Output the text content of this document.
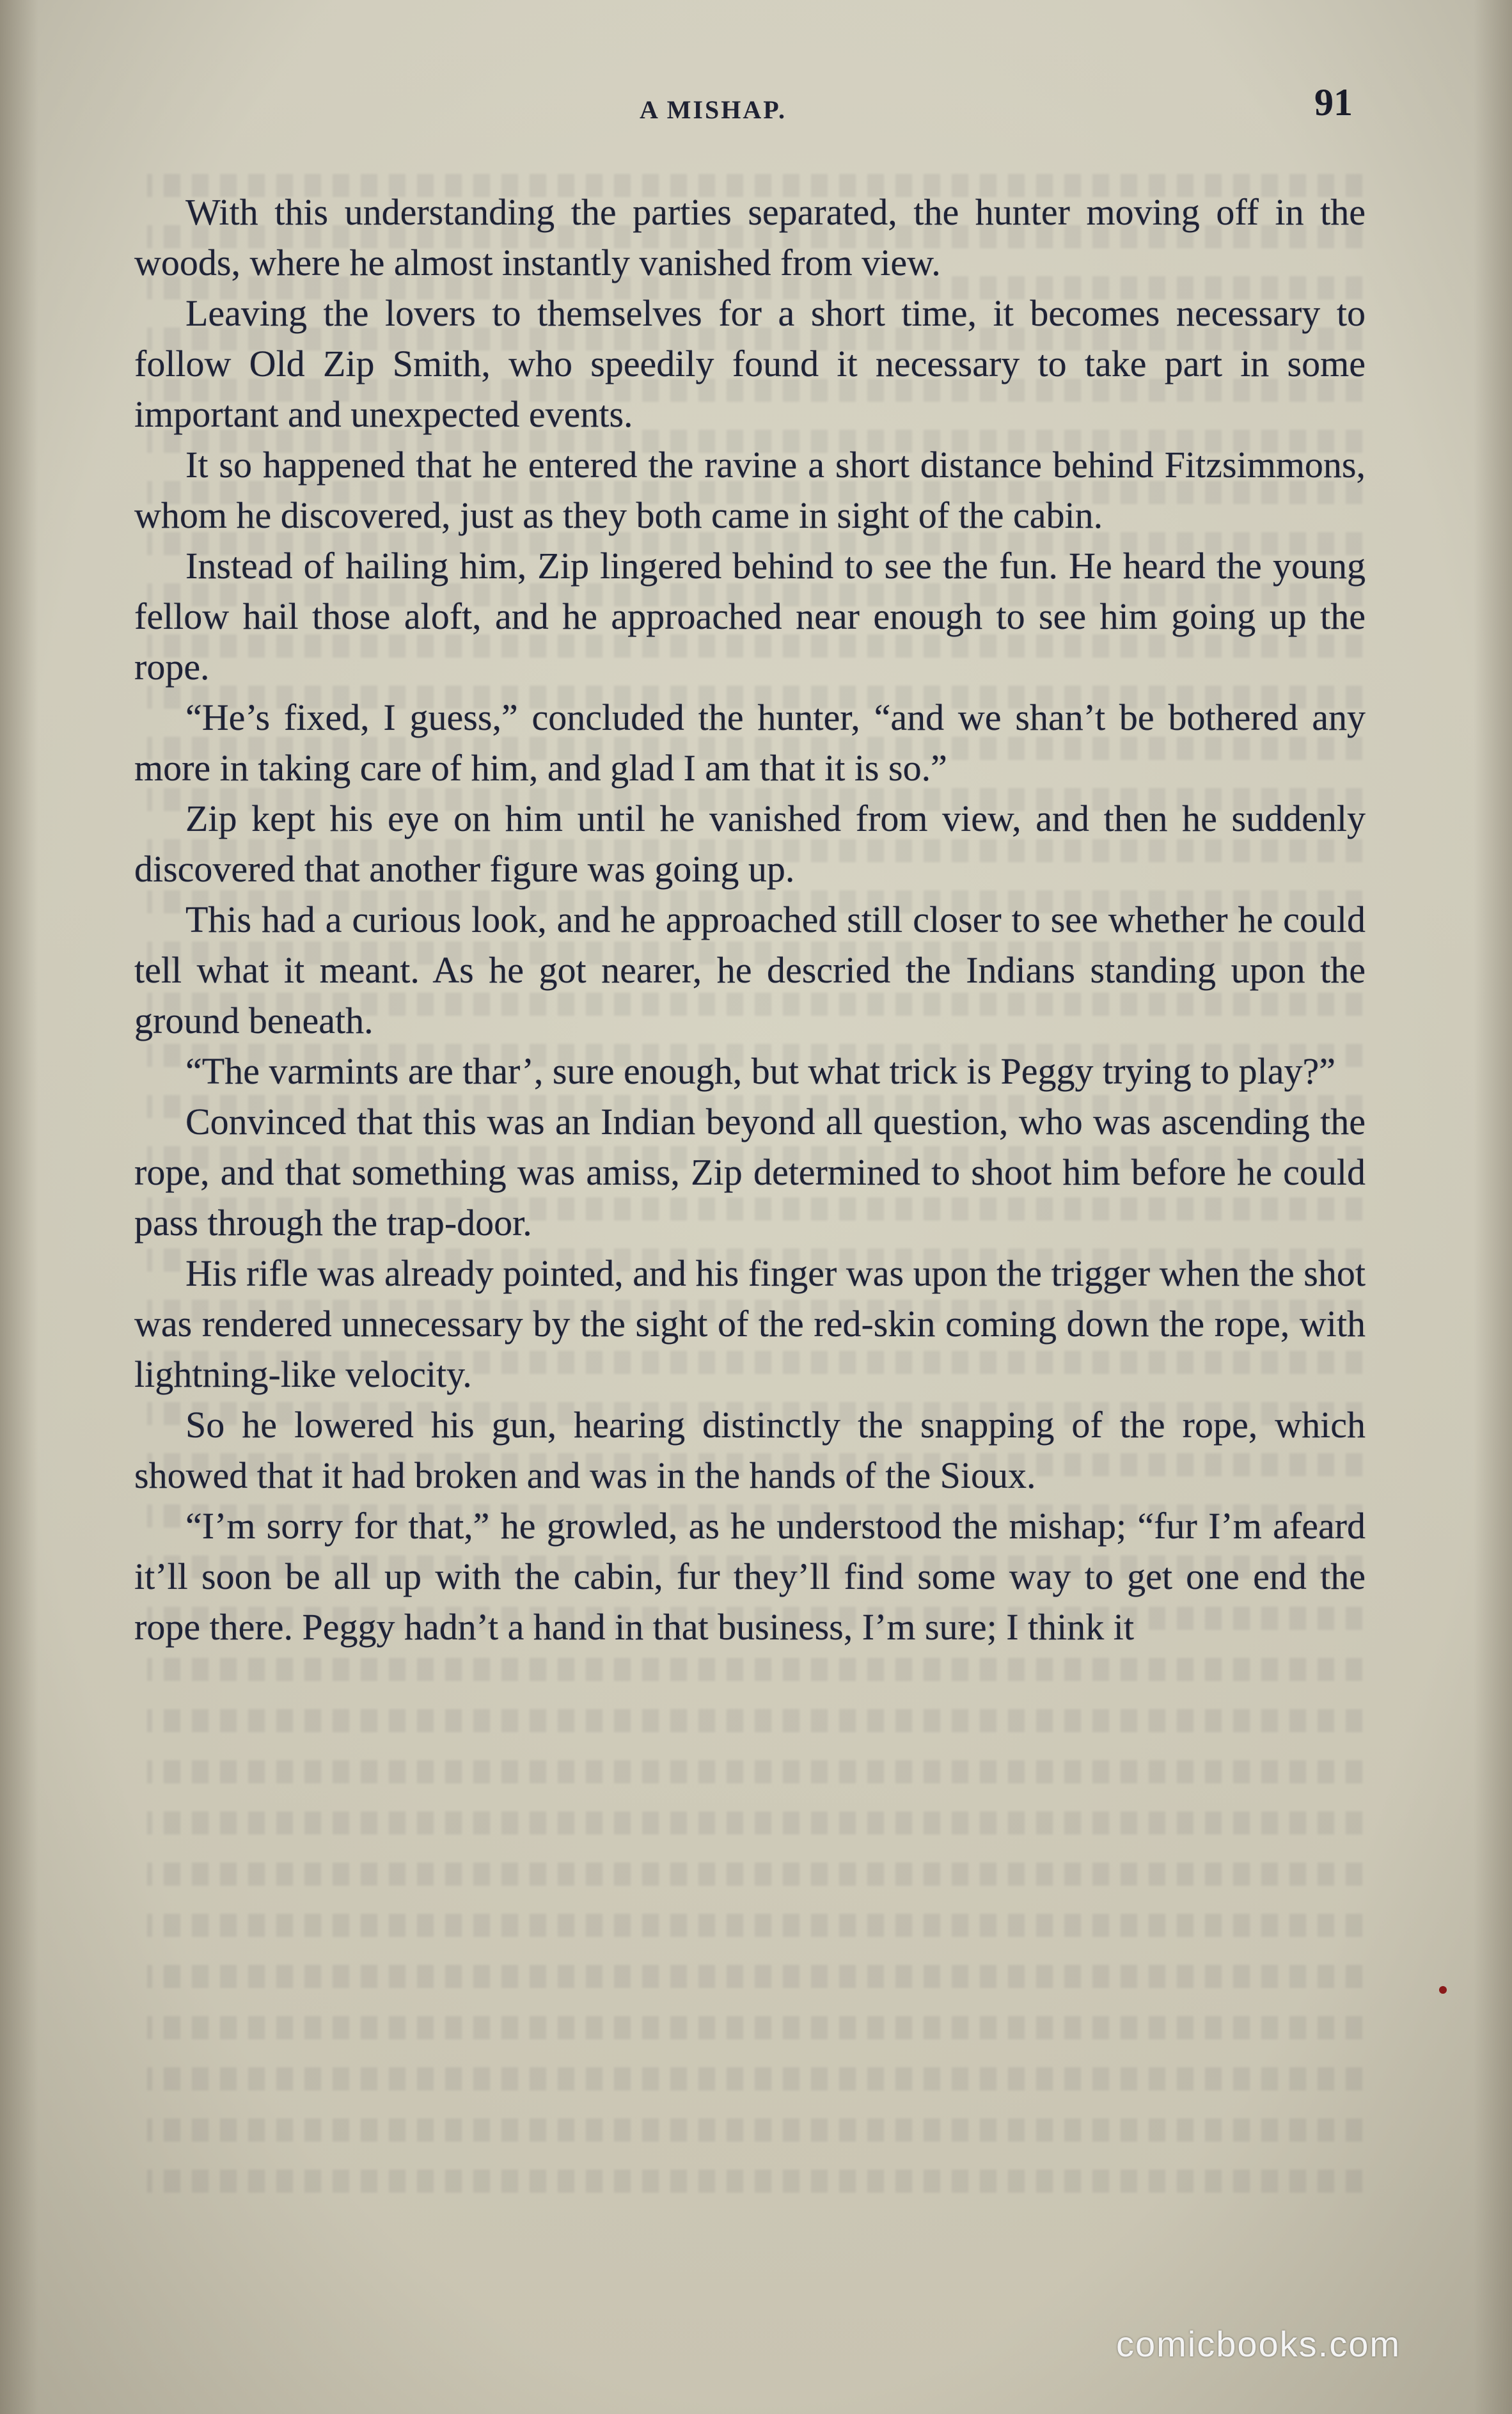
A MISHAP.	91

With this understanding the parties separated, the hunter moving off in the woods, where he almost instantly vanished from view.

Leaving the lovers to themselves for a short time, it becomes necessary to follow Old Zip Smith, who speedily found it necessary to take part in some important and unexpected events.

It so happened that he entered the ravine a short distance behind Fitzsimmons, whom he discovered, just as they both came in sight of the cabin.

Instead of hailing him, Zip lingered behind to see the fun. He heard the young fellow hail those aloft, and he approached near enough to see him going up the rope.

“He’s fixed, I guess,” concluded the hunter, “and we shan’t be bothered any more in taking care of him, and glad I am that it is so.”

Zip kept his eye on him until he vanished from view, and then he suddenly discovered that another figure was going up.

This had a curious look, and he approached still closer to see whether he could tell what it meant. As he got nearer, he descried the Indians standing upon the ground beneath.

“The varmints are thar’, sure enough, but what trick is Peggy trying to play?”

Convinced that this was an Indian beyond all question, who was ascending the rope, and that something was amiss, Zip determined to shoot him before he could pass through the trap-door.

His rifle was already pointed, and his finger was upon the trigger when the shot was rendered unnecessary by the sight of the red-skin coming down the rope, with lightning-like velocity.

So he lowered his gun, hearing distinctly the snapping of the rope, which showed that it had broken and was in the hands of the Sioux.

“I’m sorry for that,” he growled, as he understood the mishap; “fur I’m afeard it’ll soon be all up with the cabin, fur they’ll find some way to get one end the rope there. Peggy hadn’t a hand in that business, I’m sure; I think it

comicbooks.com
